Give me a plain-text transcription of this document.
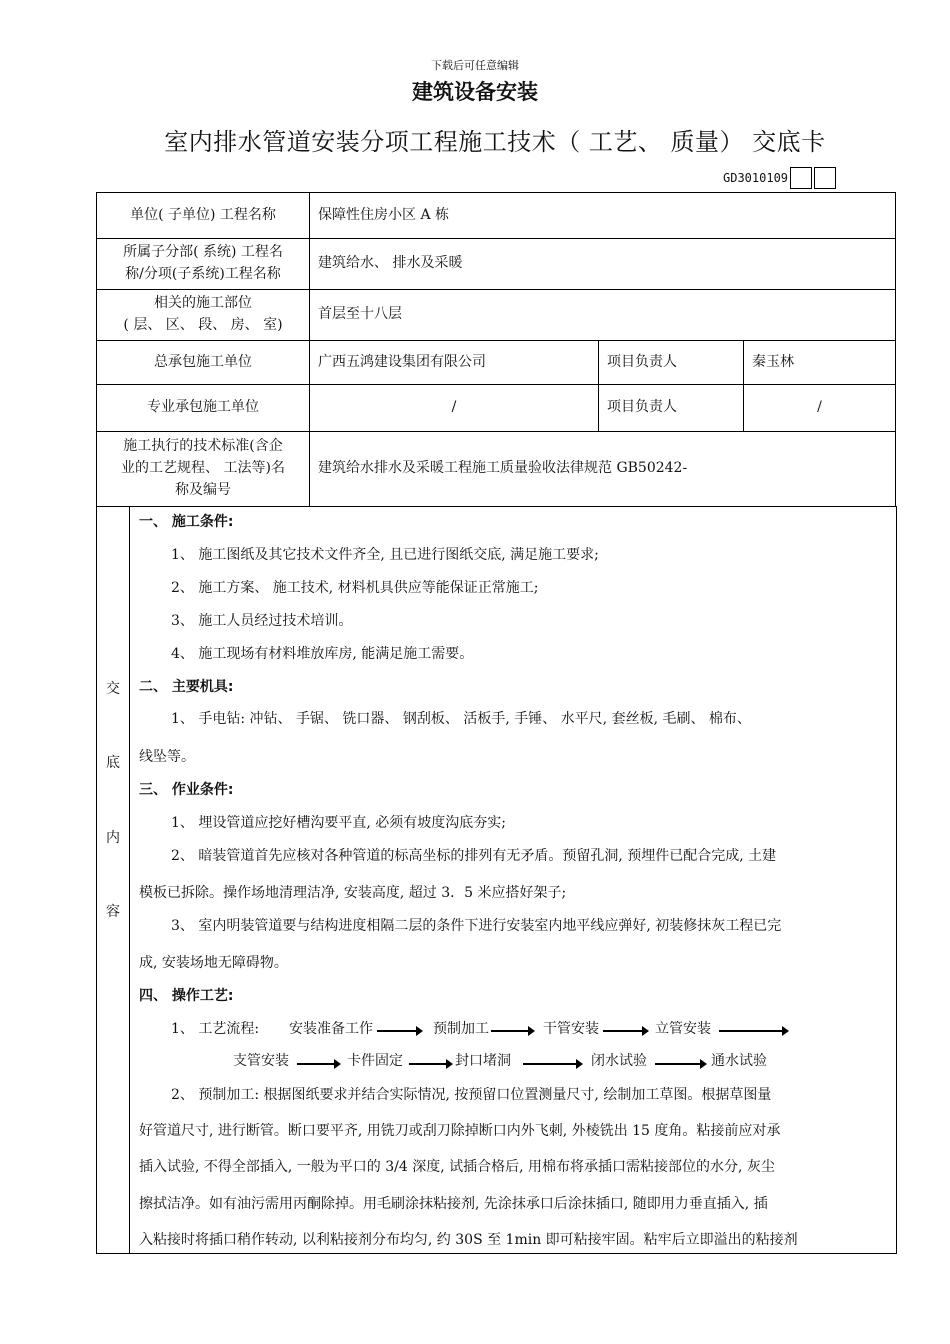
下载后可任意编辑
建筑设备安装
室内排水管道安装分项工程施工技术（ 工艺、 质量） 交底卡
GD3010109
单位( 子单位) 工程名称	保障性住房小区 A 栋		

所属子分部( 系统) 工程名
称/分项(子系统)工程名称	建筑给水、 排水及采暖		

相关的施工部位
( 层、 区、 段、 房、 室)	首层至十八层		
总承包施工单位	广西五鸿建设集团有限公司	项目负责人	秦玉林
专业承包施工单位	/	项目负责人	/

施工执行的技术标准(含企
业的工艺规程、 工法等)名
称及编号	建筑给水排水及采暖工程施工质量验收法律规范 GB50242-		
交
底
内
容
一、 施工条件:
1、 施工图纸及其它技术文件齐全, 且已进行图纸交底, 满足施工要求;
2、 施工方案、 施工技术, 材料机具供应等能保证正常施工;
3、 施工人员经过技术培训。
4、 施工现场有材料堆放库房, 能满足施工需要。
二、 主要机具:
1、 手电钻: 冲钻、 手锯、 铣口器、 钢刮板、 活板手, 手锤、 水平尺, 套丝板, 毛刷、 棉布、
线坠等。
三、 作业条件:
1、 埋设管道应挖好槽沟要平直, 必须有坡度沟底夯实;
2、 暗装管道首先应核对各种管道的标高坐标的排列有无矛盾。预留孔洞, 预埋件已配合完成, 土建
模板已拆除。操作场地清理洁净, 安装高度, 超过 3．5 米应搭好架子;
3、 室内明装管道要与结构进度相隔二层的条件下进行安装室内地平线应弹好, 初装修抹灰工程已完
成, 安装场地无障碍物。
四、 操作工艺:
1、 工艺流程: 安装准备工作	预制加工	干管安装	立管安装
支管安装	卡件固定	封口堵洞	闭水试验	通水试验
2、 预制加工: 根据图纸要求并结合实际情况, 按预留口位置测量尺寸, 绘制加工草图。根据草图量
好管道尺寸, 进行断管。断口要平齐, 用铣刀或刮刀除掉断口内外飞刺, 外棱铣出 15 度角。粘接前应对承
插入试验, 不得全部插入, 一般为平口的 3/4 深度, 试插合格后, 用棉布将承插口需粘接部位的水分, 灰尘
擦拭洁净。如有油污需用丙酮除掉。用毛刷涂抹粘接剂, 先涂抹承口后涂抹插口, 随即用力垂直插入, 插
入粘接时将插口稍作转动, 以利粘接剂分布均匀, 约 30S 至 1min 即可粘接牢固。粘牢后立即溢出的粘接剂
